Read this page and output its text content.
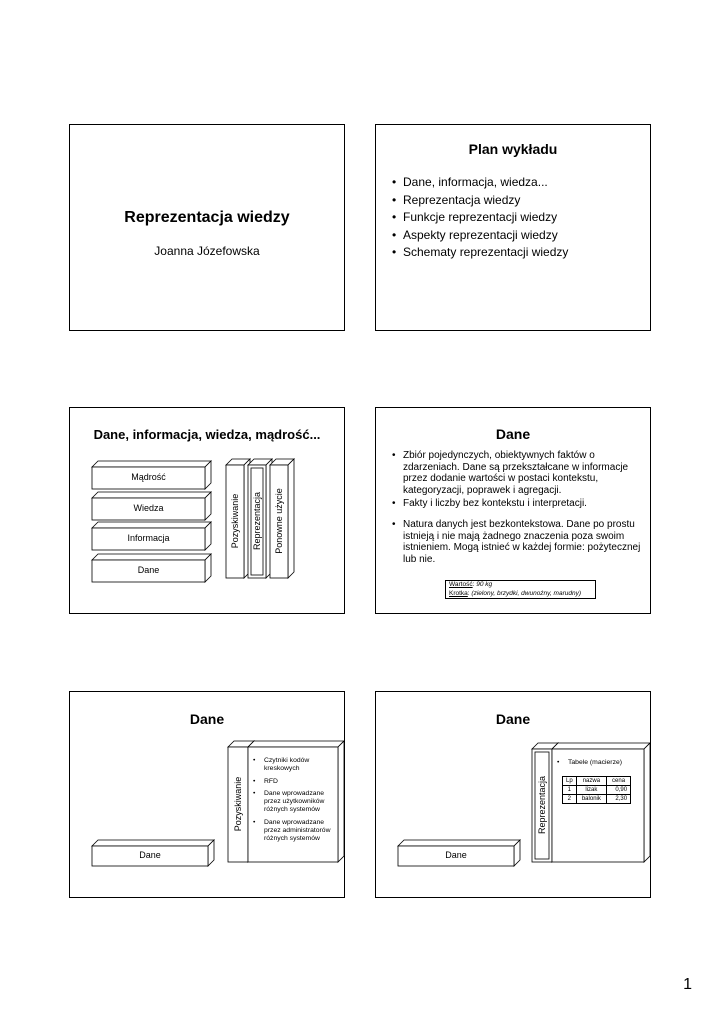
Reprezentacja wiedzy
Joanna Józefowska
Plan wykładu
• Dane, informacja, wiedza...
• Reprezentacja wiedzy
• Funkcje reprezentacji wiedzy
• Aspekty reprezentacji wiedzy
• Schematy reprezentacji wiedzy
Dane, informacja, wiedza, mądrość...
Mądrość
Wiedza
Informacja
Dane
Pozyskiwanie Reprezentacja Ponowne użycie
Dane
• Zbiór pojedynczych, obiektywnych faktów o zdarzeniach. Dane są przekształcane w informacje przez dodanie wartości w postaci kontekstu, kategoryzacji, poprawek i agregacji.
• Fakty i liczby bez kontekstu i interpretacji.
• Natura danych jest bezkontekstowa. Dane po prostu istnieją i nie mają żadnego znaczenia poza swoim istnieniem. Mogą istnieć w każdej formie: pożytecznej lub nie.
Wartość: 90 kg
Krotka: (zielony, brzydki, dwunożny, marudny)
Dane
Dane
Pozyskiwanie
• Czytniki kodów kreskowych
• RFD
• Dane wprowadzane przez użytkowników różnych systemów
• Dane wprowadzane przez administratorów różnych systemów
Dane
Dane
Reprezentacja
• Tabele (macierze)
Lp	nazwa	cena
1	lizak	0,90
2	balonik	2,30
1
